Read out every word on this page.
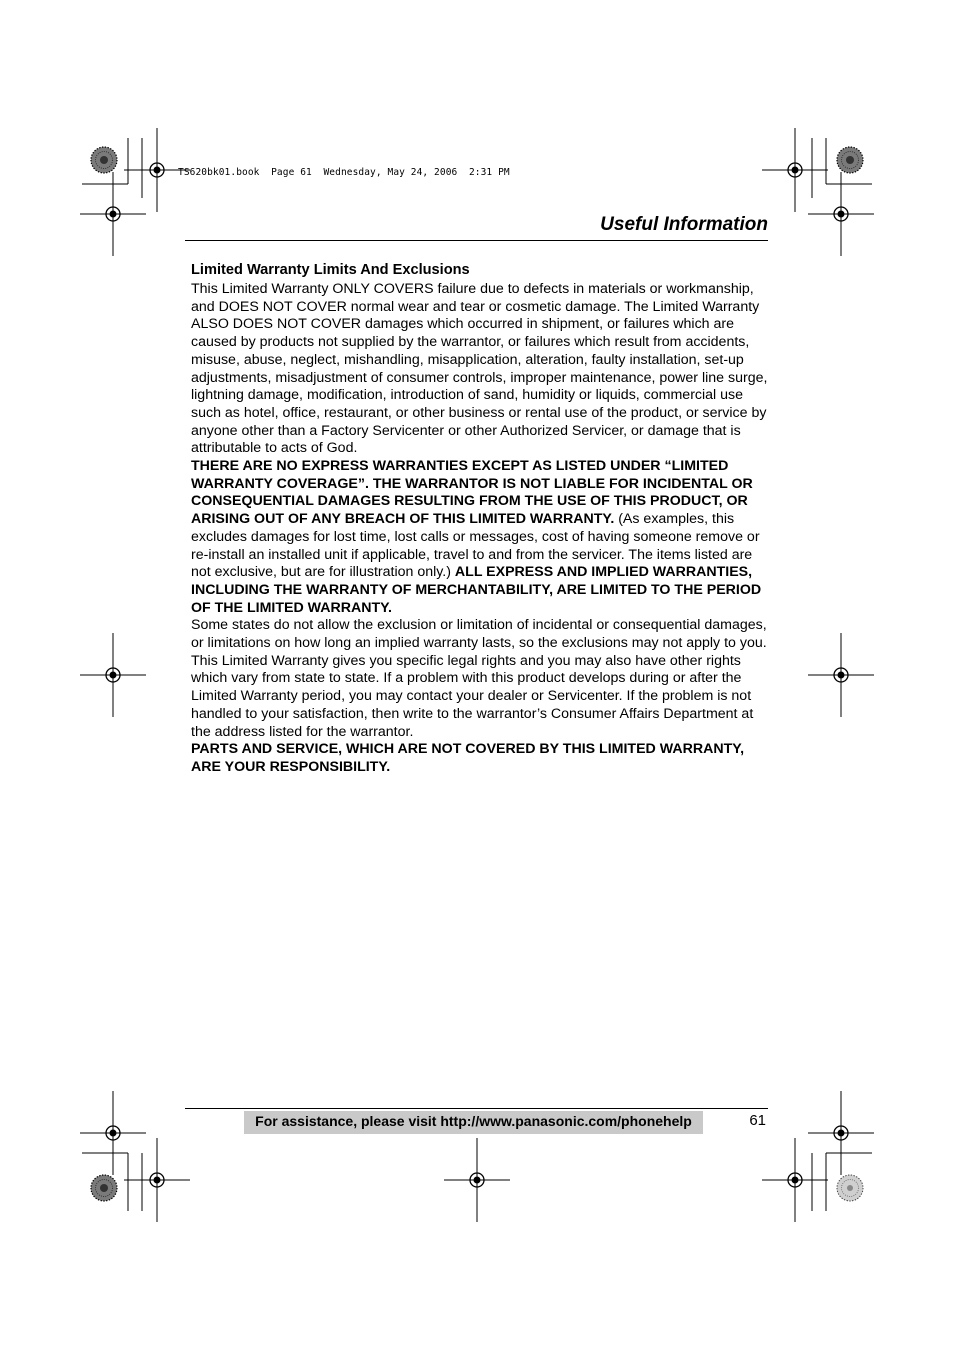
TS620bk01.book  Page 61  Wednesday, May 24, 2006  2:31 PM
Useful Information
Limited Warranty Limits And Exclusions

This Limited Warranty ONLY COVERS failure due to defects in materials or workmanship, and DOES NOT COVER normal wear and tear or cosmetic damage. The Limited Warranty ALSO DOES NOT COVER damages which occurred in shipment, or failures which are caused by products not supplied by the warrantor, or failures which result from accidents, misuse, abuse, neglect, mishandling, misapplication, alteration, faulty installation, set-up adjustments, misadjustment of consumer controls, improper maintenance, power line surge, lightning damage, modification, introduction of sand, humidity or liquids, commercial use such as hotel, office, restaurant, or other business or rental use of the product, or service by anyone other than a Factory Servicenter or other Authorized Servicer, or damage that is attributable to acts of God.

THERE ARE NO EXPRESS WARRANTIES EXCEPT AS LISTED UNDER “LIMITED WARRANTY COVERAGE”. THE WARRANTOR IS NOT LIABLE FOR INCIDENTAL OR CONSEQUENTIAL DAMAGES RESULTING FROM THE USE OF THIS PRODUCT, OR ARISING OUT OF ANY BREACH OF THIS LIMITED WARRANTY. (As examples, this excludes damages for lost time, lost calls or messages, cost of having someone remove or re-install an installed unit if applicable, travel to and from the servicer. The items listed are not exclusive, but are for illustration only.) ALL EXPRESS AND IMPLIED WARRANTIES, INCLUDING THE WARRANTY OF MERCHANTABILITY, ARE LIMITED TO THE PERIOD OF THE LIMITED WARRANTY.

Some states do not allow the exclusion or limitation of incidental or consequential damages, or limitations on how long an implied warranty lasts, so the exclusions may not apply to you.

This Limited Warranty gives you specific legal rights and you may also have other rights which vary from state to state. If a problem with this product develops during or after the Limited Warranty period, you may contact your dealer or Servicenter. If the problem is not handled to your satisfaction, then write to the warrantor’s Consumer Affairs Department at the address listed for the warrantor.

PARTS AND SERVICE, WHICH ARE NOT COVERED BY THIS LIMITED WARRANTY, ARE YOUR RESPONSIBILITY.

For assistance, please visit http://www.panasonic.com/phonehelp	61
